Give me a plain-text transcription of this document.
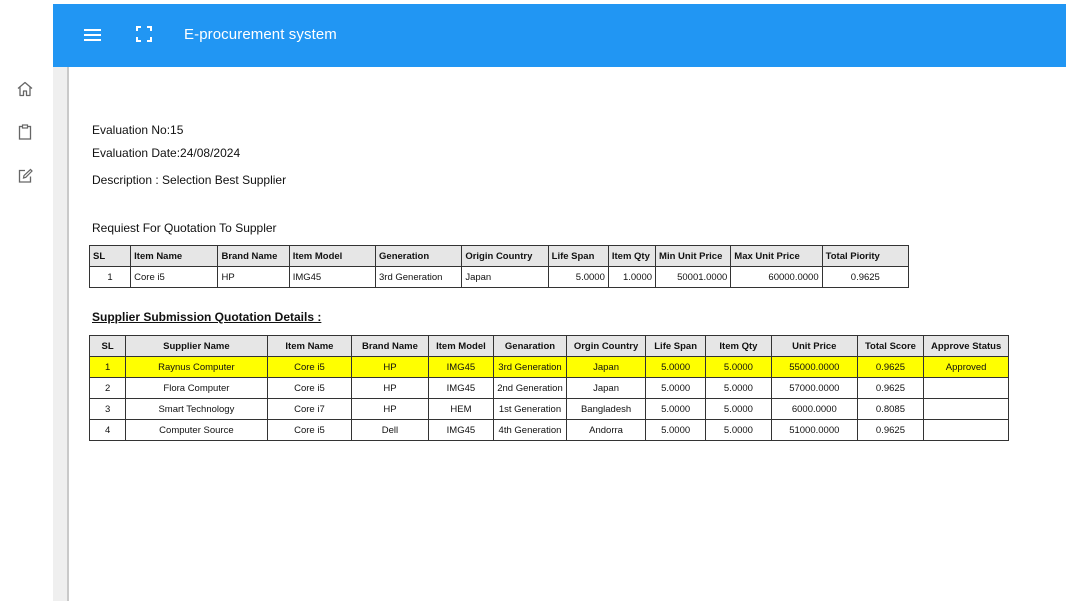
E-procurement system
Evaluation No:15
Evaluation Date:24/08/2024
Description : Selection Best Supplier
Requiest For Quotation To Suppler
SL	Item Name	Brand Name	Item Model	Generation	Origin Country	Life Span	Item Qty	Min Unit Price	Max Unit Price	Total Piority
1	Core i5	HP	IMG45	3rd Generation	Japan	5.0000	1.0000	50001.0000	60000.0000	0.9625
Supplier Submission Quotation Details :
SL	Supplier Name	Item Name	Brand Name	Item Model	Genaration	Orgin Country	Life Span	Item Qty	Unit Price	Total Score	Approve Status
1	Raynus Computer	Core i5	HP	IMG45	3rd Generation	Japan	5.0000	5.0000	55000.0000	0.9625	Approved
2	Flora Computer	Core i5	HP	IMG45	2nd Generation	Japan	5.0000	5.0000	57000.0000	0.9625	
3	Smart Technology	Core i7	HP	HEM	1st Generation	Bangladesh	5.0000	5.0000	6000.0000	0.8085	
4	Computer Source	Core i5	Dell	IMG45	4th Generation	Andorra	5.0000	5.0000	51000.0000	0.9625	
